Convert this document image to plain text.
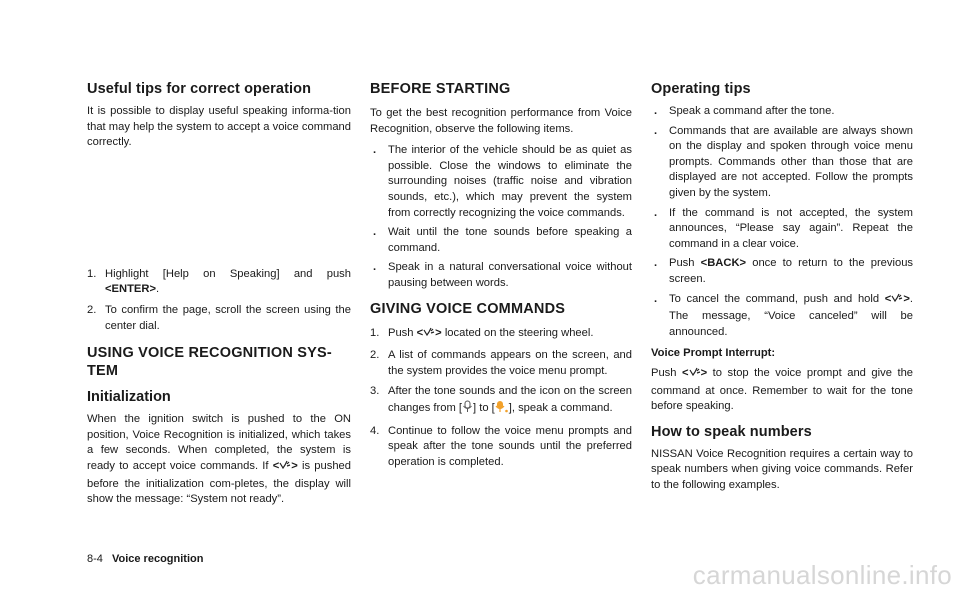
Useful tips for correct operation

It is possible to display useful speaking informa-tion that may help the system to accept a voice command correctly.

1. Highlight [Help on Speaking] and push <ENTER>.
2. To confirm the page, scroll the screen using the center dial.
USING VOICE RECOGNITION SYS-TEM
Initialization

When the ignition switch is pushed to the ON position, Voice Recognition is initialized, which takes a few seconds. When completed, the system is ready to accept voice commands. If < > is pushed before the initialization com-pletes, the display will show the message: “System not ready”.

BEFORE STARTING

To get the best recognition performance from Voice Recognition, observe the following items.

. The interior of the vehicle should be as quiet as possible. Close the windows to eliminate the surrounding noises (traffic noise and vibration sounds, etc.), which may prevent the system from correctly recognizing the voice commands.
. Wait until the tone sounds before speaking a command.
. Speak in a natural conversational voice without pausing between words.
GIVING VOICE COMMANDS
1. Push < > located on the steering wheel.
2. A list of commands appears on the screen, and the system provides the voice menu prompt.
3. After the tone sounds and the icon on the screen changes from [ ] to [ ], speak a command.
4. Continue to follow the voice menu prompts and speak after the tone sounds until the preferred operation is completed.
Operating tips
. Speak a command after the tone.
. Commands that are available are always shown on the display and spoken through voice menu prompts. Commands other than those that are displayed are not accepted. Follow the prompts given by the system.
. If the command is not accepted, the system announces, “Please say again”. Repeat the command in a clear voice.
. Push <BACK> once to return to the previous screen.
. To cancel the command, push and hold < >. The message, “Voice canceled” will be announced.
Voice Prompt Interrupt:

Push < > to stop the voice prompt and give the command at once. Remember to wait for the tone before speaking.

How to speak numbers

NISSAN Voice Recognition requires a certain way to speak numbers when giving voice commands. Refer to the following examples.

8-4 Voice recognition
carmanualsonline.info
